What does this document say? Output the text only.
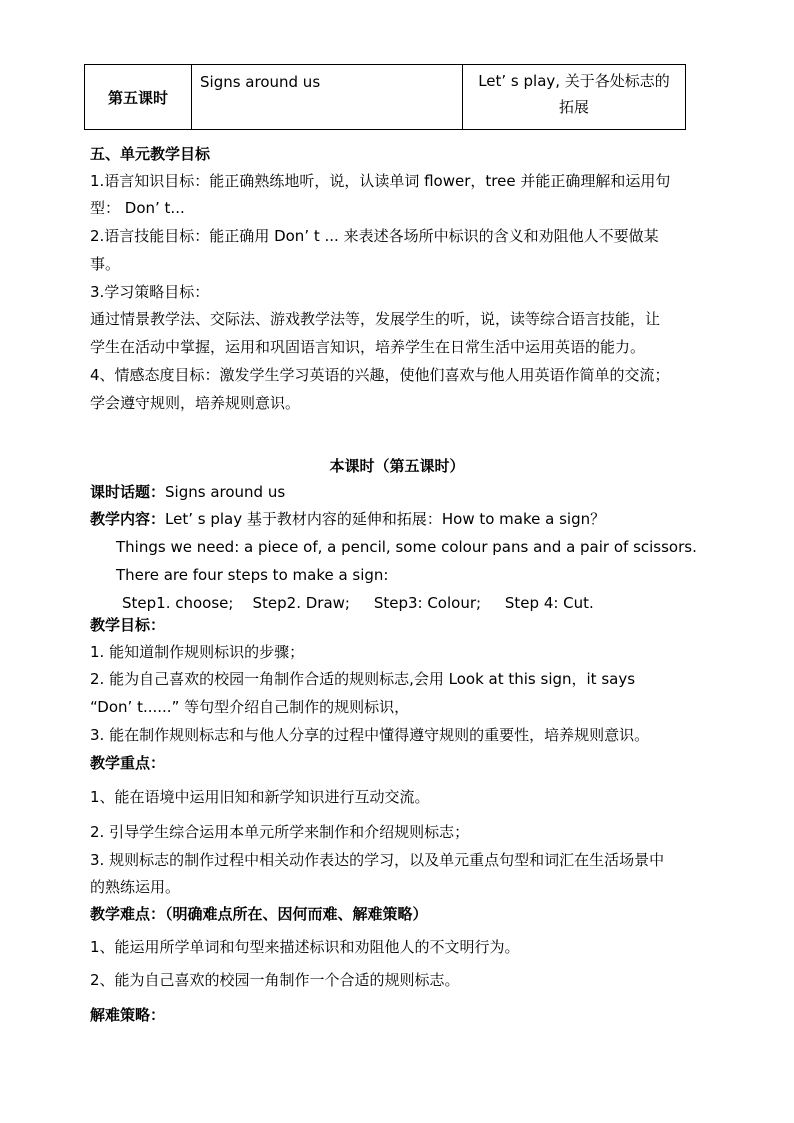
第五课时	Signs around us	Let’ s play, 关于各处标志的
拓展
五、单元教学目标
1.语言知识目标：能正确熟练地听，说，认读单词 flower，tree 并能正确理解和运用句
型： Don’ t...
2.语言技能目标：能正确用 Don’ t ... 来表述各场所中标识的含义和劝阻他人不要做某
事。
3.学习策略目标：
通过情景教学法、交际法、游戏教学法等，发展学生的听，说，读等综合语言技能，让
学生在活动中掌握，运用和巩固语言知识，培养学生在日常生活中运用英语的能力。
4、情感态度目标：激发学生学习英语的兴趣，使他们喜欢与他人用英语作简单的交流；
学会遵守规则，培养规则意识。
本课时（第五课时）
课时话题：Signs around us
教学内容：Let’ s play 基于教材内容的延伸和拓展：How to make a sign？
Things we need: a piece of, a pencil, some colour pans and a pair of scissors.
There are four steps to make a sign:
Step1. choose;    Step2. Draw;     Step3: Colour;     Step 4: Cut.
教学目标：
1. 能知道制作规则标识的步骤；
2. 能为自己喜欢的校园一角制作合适的规则标志,会用 Look at this sign，it says
“Don’ t......” 等句型介绍自己制作的规则标识，
3. 能在制作规则标志和与他人分享的过程中懂得遵守规则的重要性，培养规则意识。
教学重点：
1、能在语境中运用旧知和新学知识进行互动交流。
2. 引导学生综合运用本单元所学来制作和介绍规则标志；
3. 规则标志的制作过程中相关动作表达的学习，以及单元重点句型和词汇在生活场景中
的熟练运用。
教学难点：（明确难点所在、因何而难、解难策略）
1、能运用所学单词和句型来描述标识和劝阻他人的不文明行为。
2、能为自己喜欢的校园一角制作一个合适的规则标志。
解难策略：
